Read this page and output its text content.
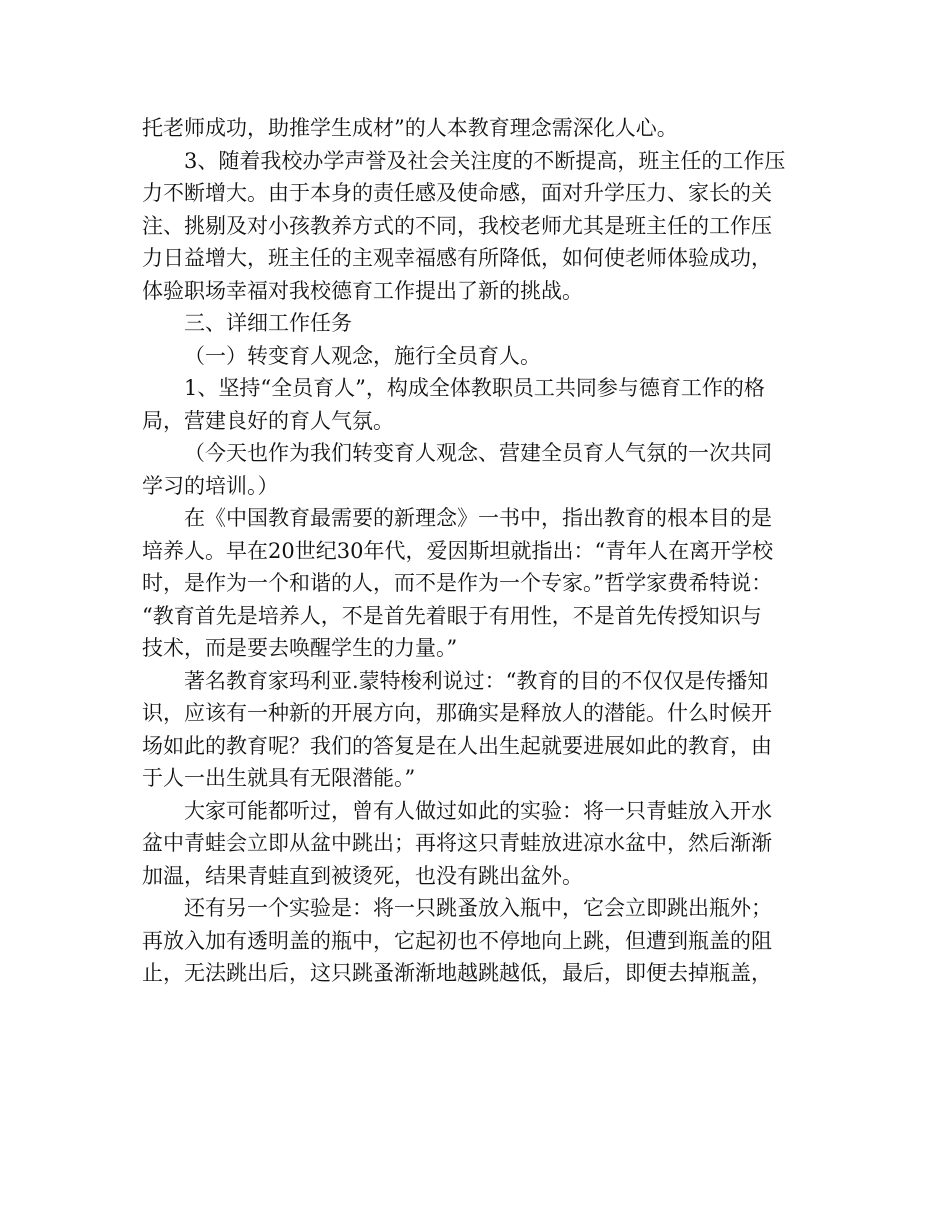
托老师成功，助推学生成材”的人本教育理念需深化人心。
3、随着我校办学声誉及社会关注度的不断提高，班主任的工作压
力不断增大。由于本身的责任感及使命感，面对升学压力、家长的关
注、挑剔及对小孩教养方式的不同，我校老师尤其是班主任的工作压
力日益增大，班主任的主观幸福感有所降低，如何使老师体验成功，
体验职场幸福对我校德育工作提出了新的挑战。
三、详细工作任务
（一）转变育人观念，施行全员育人。
1、坚持“全员育人”，构成全体教职员工共同参与德育工作的格
局，营建良好的育人气氛。
（今天也作为我们转变育人观念、营建全员育人气氛的一次共同
学习的培训。）
在《中国教育最需要的新理念》一书中，指出教育的根本目的是
培养人。早在20世纪30年代，爱因斯坦就指出：“青年人在离开学校
时，是作为一个和谐的人，而不是作为一个专家。”哲学家费希特说：
“教育首先是培养人，不是首先着眼于有用性，不是首先传授知识与
技术，而是要去唤醒学生的力量。”
著名教育家玛利亚.蒙特梭利说过：“教育的目的不仅仅是传播知
识，应该有一种新的开展方向，那确实是释放人的潜能。什么时候开
场如此的教育呢？我们的答复是在人出生起就要进展如此的教育，由
于人一出生就具有无限潜能。”
大家可能都听过，曾有人做过如此的实验：将一只青蛙放入开水
盆中青蛙会立即从盆中跳出；再将这只青蛙放进凉水盆中，然后渐渐
加温，结果青蛙直到被烫死，也没有跳出盆外。
还有另一个实验是：将一只跳蚤放入瓶中，它会立即跳出瓶外；
再放入加有透明盖的瓶中，它起初也不停地向上跳，但遭到瓶盖的阻
止，无法跳出后，这只跳蚤渐渐地越跳越低，最后，即便去掉瓶盖，
